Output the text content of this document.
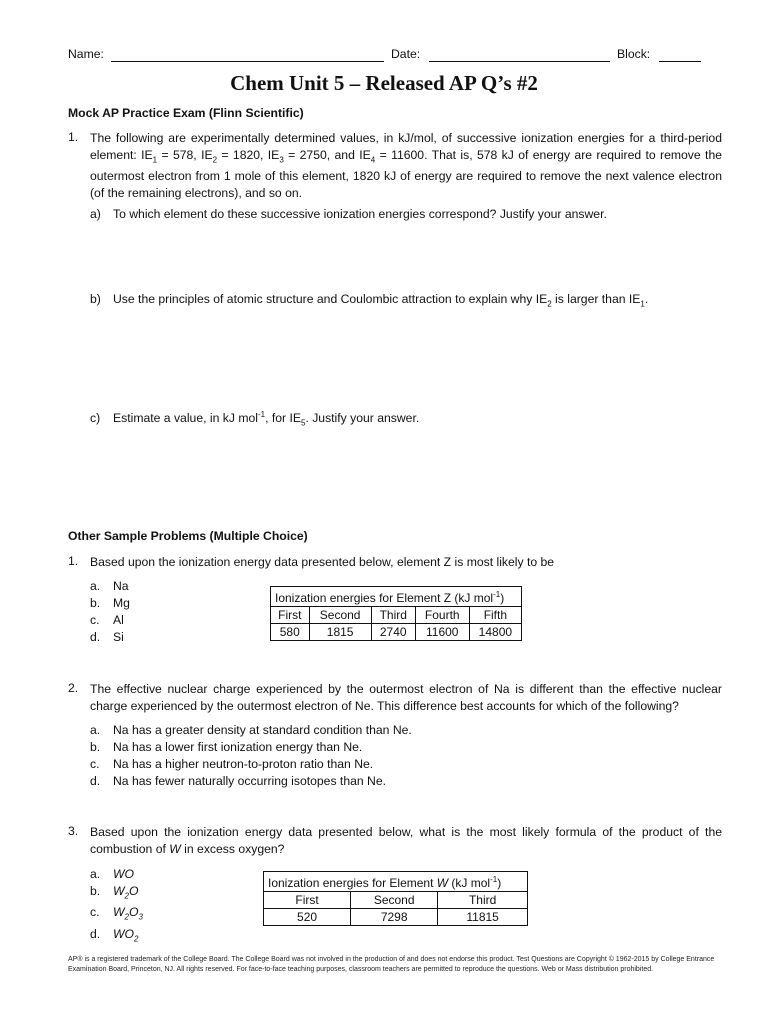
Name:	Date:	Block:
Chem Unit 5 – Released AP Q’s #2
Mock AP Practice Exam (Flinn Scientific)
1. The following are experimentally determined values, in kJ/mol, of successive ionization energies for a third-period element: $IE_1 = 578$, $IE_2 = 1820$, $IE_3 = 2750$, and $IE_4 = 11600$. That is, 578 kJ of energy are required to remove the outermost electron from 1 mole of this element, 1820 kJ of energy are required to remove the next valence electron (of the remaining electrons), and so on.

a) To which element do these successive ionization energies correspond? Justify your answer.
b) Use the principles of atomic structure and Coulombic attraction to explain why $IE_2$ is larger than $IE_1$.
c) Estimate a value, in kJ mol$^{-1}$, for $IE_5$. Justify your answer.
Other Sample Problems (Multiple Choice)
1. Based upon the ionization energy data presented below, element Z is most likely to be
a. Na
b. Mg
c. Al
d. Si
Ionization energies for Element Z (kJ mol$^{-1}$)				
First	Second	Third	Fourth	Fifth
580	1815	2740	11600	14800
2. The effective nuclear charge experienced by the outermost electron of Na is different than the effective nuclear charge experienced by the outermost electron of Ne. This difference best accounts for which of the following?
a. Na has a greater density at standard condition than Ne.
b. Na has a lower first ionization energy than Ne.
c. Na has a higher neutron-to-proton ratio than Ne.
d. Na has fewer naturally occurring isotopes than Ne.
3. Based upon the ionization energy data presented below, what is the most likely formula of the product of the combustion of W in excess oxygen?

a. WO
b. $W_2O$
c. $W_2O_3$
d. $WO_2$
Ionization energies for Element W (kJ mol$^{-1}$)		
First	Second	Third
520	7298	11815
AP® is a registered trademark of the College Board. The College Board was not involved in the production of and does not endorse this product. Test Questions are Copyright © 1962-2015 by College Entrance Examination Board, Princeton, NJ. All rights reserved. For face-to-face teaching purposes, classroom teachers are permitted to reproduce the questions. Web or Mass distribution prohibited.
